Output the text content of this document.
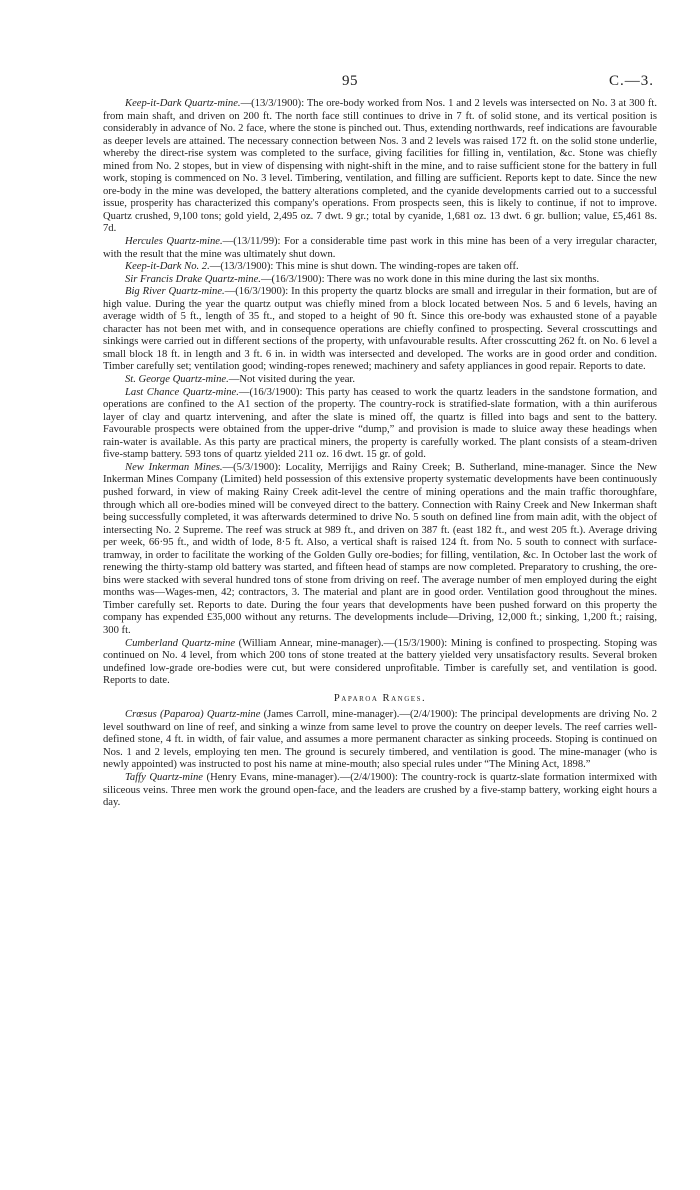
95	C.—3.

Keep-it-Dark Quartz-mine.—(13/3/1900): The ore-body worked from Nos. 1 and 2 levels was intersected on No. 3 at 300 ft. from main shaft, and driven on 200 ft. The north face still continues to drive in 7 ft. of solid stone, and its vertical position is considerably in advance of No. 2 face, where the stone is pinched out. Thus, extending northwards, reef indications are favourable as deeper levels are attained. The necessary connection between Nos. 3 and 2 levels was raised 172 ft. on the solid stone underlie, whereby the direct-rise system was completed to the surface, giving facilities for filling in, ventilation, &c. Stone was chiefly mined from No. 2 stopes, but in view of dispensing with night-shift in the mine, and to raise sufficient stone for the battery in full work, stoping is commenced on No. 3 level. Timbering, ventilation, and filling are sufficient. Reports kept to date. Since the new ore-body in the mine was developed, the battery alterations completed, and the cyanide developments carried out to a successful issue, prosperity has characterized this company's operations. From prospects seen, this is likely to continue, if not to improve. Quartz crushed, 9,100 tons; gold yield, 2,495 oz. 7 dwt. 9 gr.; total by cyanide, 1,681 oz. 13 dwt. 6 gr. bullion; value, £5,461 8s. 7d.

Hercules Quartz-mine.—(13/11/99): For a considerable time past work in this mine has been of a very irregular character, with the result that the mine was ultimately shut down.

Keep-it-Dark No. 2.—(13/3/1900): This mine is shut down. The winding-ropes are taken off.

Sir Francis Drake Quartz-mine.—(16/3/1900): There was no work done in this mine during the last six months.

Big River Quartz-mine.—(16/3/1900): In this property the quartz blocks are small and irregular in their formation, but are of high value. During the year the quartz output was chiefly mined from a block located between Nos. 5 and 6 levels, having an average width of 5 ft., length of 35 ft., and stoped to a height of 90 ft. Since this ore-body was exhausted stone of a payable character has not been met with, and in consequence operations are chiefly confined to prospecting. Several crosscuttings and sinkings were carried out in different sections of the property, with unfavourable results. After crosscutting 262 ft. on No. 6 level a small block 18 ft. in length and 3 ft. 6 in. in width was intersected and developed. The works are in good order and condition. Timber carefully set; ventilation good; winding-ropes renewed; machinery and safety appliances in good repair. Reports to date.

St. George Quartz-mine.—Not visited during the year.

Last Chance Quartz-mine.—(16/3/1900): This party has ceased to work the quartz leaders in the sandstone formation, and operations are confined to the A1 section of the property. The country-rock is stratified-slate formation, with a thin auriferous layer of clay and quartz intervening, and after the slate is mined off, the quartz is filled into bags and sent to the battery. Favourable prospects were obtained from the upper-drive “dump,” and provision is made to sluice away these headings when rain-water is available. As this party are practical miners, the property is carefully worked. The plant consists of a steam-driven five-stamp battery. 593 tons of quartz yielded 211 oz. 16 dwt. 15 gr. of gold.

New Inkerman Mines.—(5/3/1900): Locality, Merrijigs and Rainy Creek; B. Sutherland, mine-manager. Since the New Inkerman Mines Company (Limited) held possession of this extensive property systematic developments have been continuously pushed forward, in view of making Rainy Creek adit-level the centre of mining operations and the main traffic thoroughfare, through which all ore-bodies mined will be conveyed direct to the battery. Connection with Rainy Creek and New Inkerman shaft being successfully completed, it was afterwards determined to drive No. 5 south on defined line from main adit, with the object of intersecting No. 2 Supreme. The reef was struck at 989 ft., and driven on 387 ft. (east 182 ft., and west 205 ft.). Average driving per week, 66·95 ft., and width of lode, 8·5 ft. Also, a vertical shaft is raised 124 ft. from No. 5 south to connect with surface-tramway, in order to facilitate the working of the Golden Gully ore-bodies; for filling, ventilation, &c. In October last the work of renewing the thirty-stamp old battery was started, and fifteen head of stamps are now completed. Preparatory to crushing, the ore-bins were stacked with several hundred tons of stone from driving on reef. The average number of men employed during the eight months was—Wages-men, 42; contractors, 3. The material and plant are in good order. Ventilation good throughout the mines. Timber carefully set. Reports to date. During the four years that developments have been pushed forward on this property the company has expended £35,000 without any returns. The developments include—Driving, 12,000 ft.; sinking, 1,200 ft.; raising, 300 ft.

Cumberland Quartz-mine (William Annear, mine-manager).—(15/3/1900): Mining is confined to prospecting. Stoping was continued on No. 4 level, from which 200 tons of stone treated at the battery yielded very unsatisfactory results. Several broken undefined low-grade ore-bodies were cut, but were considered unprofitable. Timber is carefully set, and ventilation is good. Reports to date.

Paparoa Ranges.

Crœsus (Paparoa) Quartz-mine (James Carroll, mine-manager).—(2/4/1900): The principal developments are driving No. 2 level southward on line of reef, and sinking a winze from same level to prove the country on deeper levels. The reef carries well-defined stone, 4 ft. in width, of fair value, and assumes a more permanent character as sinking proceeds. Stoping is continued on Nos. 1 and 2 levels, employing ten men. The ground is securely timbered, and ventilation is good. The mine-manager (who is newly appointed) was instructed to post his name at mine-mouth; also special rules under “The Mining Act, 1898.”

Taffy Quartz-mine (Henry Evans, mine-manager).—(2/4/1900): The country-rock is quartz-slate formation intermixed with siliceous veins. Three men work the ground open-face, and the leaders are crushed by a five-stamp battery, working eight hours a day.
